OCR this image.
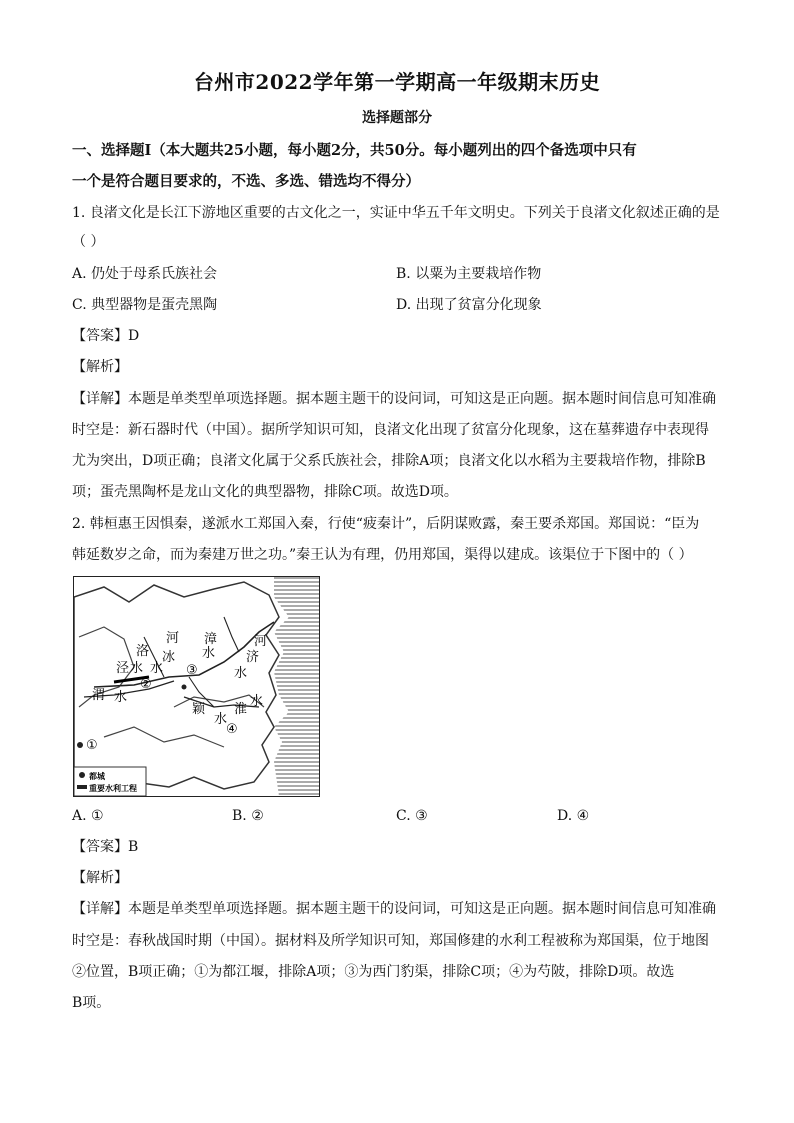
台州市2022学年第一学期高一年级期末历史
选择题部分
一、选择题Ⅰ（本大题共25小题，每小题2分，共50分。每小题列出的四个备选项中只有
一个是符合题目要求的，不选、多选、错选均不得分）
1. 良渚文化是长江下游地区重要的古文化之一，实证中华五千年文明史。下列关于良渚文化叙述正确的是
（ ）
A. 仍处于母系氏族社会	B. 以粟为主要栽培作物
C. 典型器物是蛋壳黑陶	D. 出现了贫富分化现象
【答案】D
【解析】
【详解】本题是单类型单项选择题。据本题主题干的设问词，可知这是正向题。据本题时间信息可知准确
时空是：新石器时代（中国）。据所学知识可知，良渚文化出现了贫富分化现象，这在墓葬遗存中表现得
尤为突出，D项正确；良渚文化属于父系氏族社会，排除A项；良渚文化以水稻为主要栽培作物，排除B
项；蛋壳黑陶杯是龙山文化的典型器物，排除C项。故选D项。
2. 韩桓惠王因惧秦，遂派水工郑国入秦，行使“疲秦计”，后阴谋败露，秦王要杀郑国。郑国说：“臣为
韩延数岁之命，而为秦建万世之功。”秦王认为有理，仍用郑国，渠得以建成。该渠位于下图中的（ ）
洛
河 漳
泾 水
冰
水
水 济
河
水
渭 水
颖 淮
水
水
①
②
③
④
都城
重要水利工程
A. ①	B. ②	C. ③	D. ④
【答案】B
【解析】
【详解】本题是单类型单项选择题。据本题主题干的设问词，可知这是正向题。据本题时间信息可知准确
时空是：春秋战国时期（中国）。据材料及所学知识可知，郑国修建的水利工程被称为郑国渠，位于地图
②位置，B项正确；①为都江堰，排除A项；③为西门豹渠，排除C项；④为芍陂，排除D项。故选
B项。
